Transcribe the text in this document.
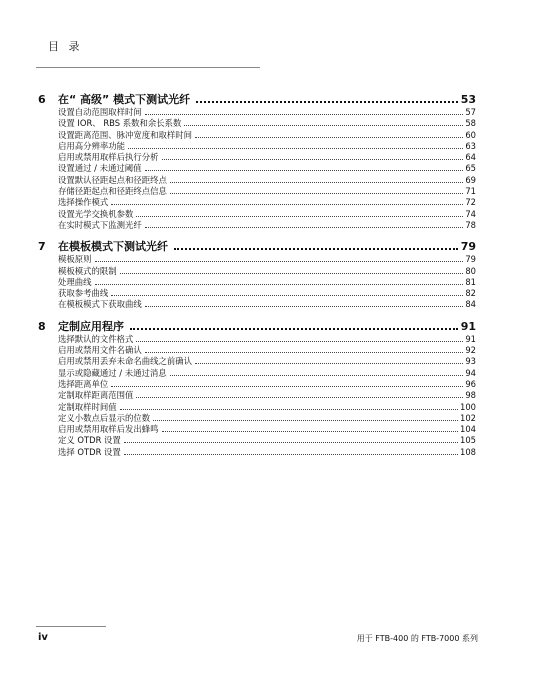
目 录
6	在“ 高级” 模式下测试光纤	53
设置自动范围取样时间	57
设置 IOR、 RBS 系数和余长系数	58
设置距离范围、脉冲宽度和取样时间	60
启用高分辨率功能	63
启用或禁用取样后执行分析	64
设置通过 / 未通过阈值	65
设置默认径距起点和径距终点	69
存储径距起点和径距终点信息	71
选择操作模式	72
设置光学交换机参数	74
在实时模式下监测光纤	78
7	在模板模式下测试光纤	79
模板原则	79
模板模式的限制	80
处理曲线	81
获取参考曲线	82
在模板模式下获取曲线	84
8	定制应用程序	91
选择默认的文件格式	91
启用或禁用文件名确认	92
启用或禁用丢弃未命名曲线之前确认	93
显示或隐藏通过 / 未通过消息	94
选择距离单位	96
定制取样距离范围值	98
定制取样时间值	100
定义小数点后显示的位数	102
启用或禁用取样后发出蜂鸣	104
定义 OTDR 设置	105
选择 OTDR 设置	108
iv	用于 FTB-400 的 FTB-7000 系列
